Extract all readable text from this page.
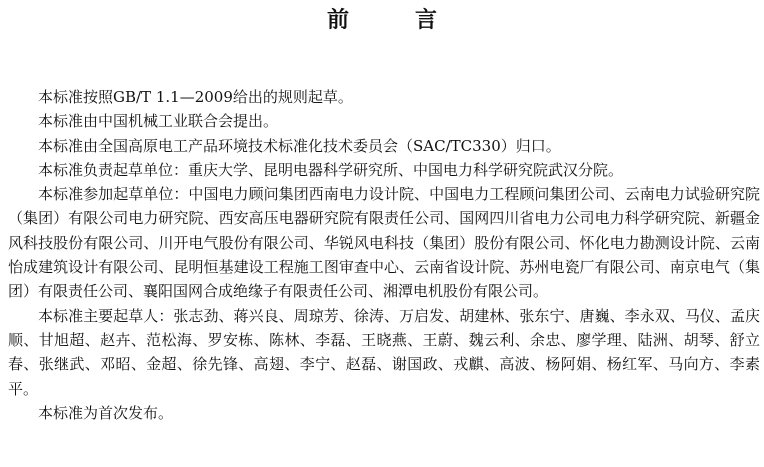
前　言

本标准按照GB/T 1.1—2009给出的规则起草。

本标准由中国机械工业联合会提出。

本标准由全国高原电工产品环境技术标准化技术委员会（SAC/TC330）归口。

本标准负责起草单位：重庆大学、昆明电器科学研究所、中国电力科学研究院武汉分院。

本标准参加起草单位：中国电力顾问集团西南电力设计院、中国电力工程顾问集团公司、云南电力试验研究院（集团）有限公司电力研究院、西安高压电器研究院有限责任公司、国网四川省电力公司电力科学研究院、新疆金风科技股份有限公司、川开电气股份有限公司、华锐风电科技（集团）股份有限公司、怀化电力勘测设计院、云南怡成建筑设计有限公司、昆明恒基建设工程施工图审查中心、云南省设计院、苏州电瓷厂有限公司、南京电气（集团）有限责任公司、襄阳国网合成绝缘子有限责任公司、湘潭电机股份有限公司。

本标准主要起草人：张志劲、蒋兴良、周琼芳、徐涛、万启发、胡建林、张东宁、唐巍、李永双、马仪、孟庆顺、甘旭超、赵卉、范松海、罗安栋、陈林、李磊、王晓燕、王蔚、魏云利、余忠、廖学理、陆洲、胡琴、舒立春、张继武、邓昭、金超、徐先锋、高翅、李宁、赵磊、谢国政、戎麒、高波、杨阿娟、杨红军、马向方、李素平。

本标准为首次发布。
